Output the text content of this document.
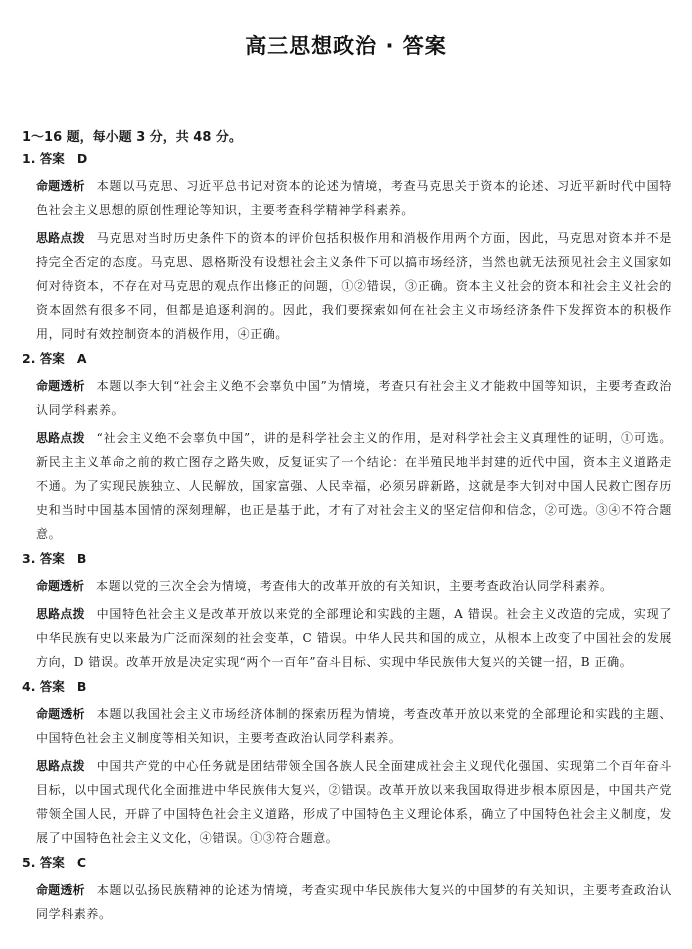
高三思想政治 · 答案
1～16 题，每小题 3 分，共 48 分。
1. 答案 D
命题透析 本题以马克思、习近平总书记对资本的论述为情境，考查马克思关于资本的论述、习近平新时代中国特色社会主义思想的原创性理论等知识，主要考查科学精神学科素养。
思路点拨 马克思对当时历史条件下的资本的评价包括积极作用和消极作用两个方面，因此，马克思对资本并不是持完全否定的态度。马克思、恩格斯没有设想社会主义条件下可以搞市场经济，当然也就无法预见社会主义国家如何对待资本，不存在对马克思的观点作出修正的问题，①②错误，③正确。资本主义社会的资本和社会主义社会的资本固然有很多不同，但都是追逐利润的。因此，我们要探索如何在社会主义市场经济条件下发挥资本的积极作用，同时有效控制资本的消极作用，④正确。
2. 答案 A
命题透析 本题以李大钊“社会主义绝不会辜负中国”为情境，考查只有社会主义才能救中国等知识，主要考查政治认同学科素养。
思路点拨 “社会主义绝不会辜负中国”，讲的是科学社会主义的作用，是对科学社会主义真理性的证明，①可选。新民主主义革命之前的救亡图存之路失败，反复证实了一个结论：在半殖民地半封建的近代中国，资本主义道路走不通。为了实现民族独立、人民解放，国家富强、人民幸福，必须另辟新路，这就是李大钊对中国人民救亡图存历史和当时中国基本国情的深刻理解，也正是基于此，才有了对社会主义的坚定信仰和信念，②可选。③④不符合题意。
3. 答案 B
命题透析 本题以党的三次全会为情境，考查伟大的改革开放的有关知识，主要考查政治认同学科素养。
思路点拨 中国特色社会主义是改革开放以来党的全部理论和实践的主题，A 错误。社会主义改造的完成，实现了中华民族有史以来最为广泛而深刻的社会变革，C 错误。中华人民共和国的成立，从根本上改变了中国社会的发展方向，D 错误。改革开放是决定实现“两个一百年”奋斗目标、实现中华民族伟大复兴的关键一招，B 正确。
4. 答案 B
命题透析 本题以我国社会主义市场经济体制的探索历程为情境，考查改革开放以来党的全部理论和实践的主题、中国特色社会主义制度等相关知识，主要考查政治认同学科素养。
思路点拨 中国共产党的中心任务就是团结带领全国各族人民全面建成社会主义现代化强国、实现第二个百年奋斗目标，以中国式现代化全面推进中华民族伟大复兴，②错误。改革开放以来我国取得进步根本原因是，中国共产党带领全国人民，开辟了中国特色社会主义道路，形成了中国特色主义理论体系，确立了中国特色社会主义制度，发展了中国特色社会主义文化，④错误。①③符合题意。
5. 答案 C
命题透析 本题以弘扬民族精神的论述为情境，考查实现中华民族伟大复兴的中国梦的有关知识，主要考查政治认同学科素养。
